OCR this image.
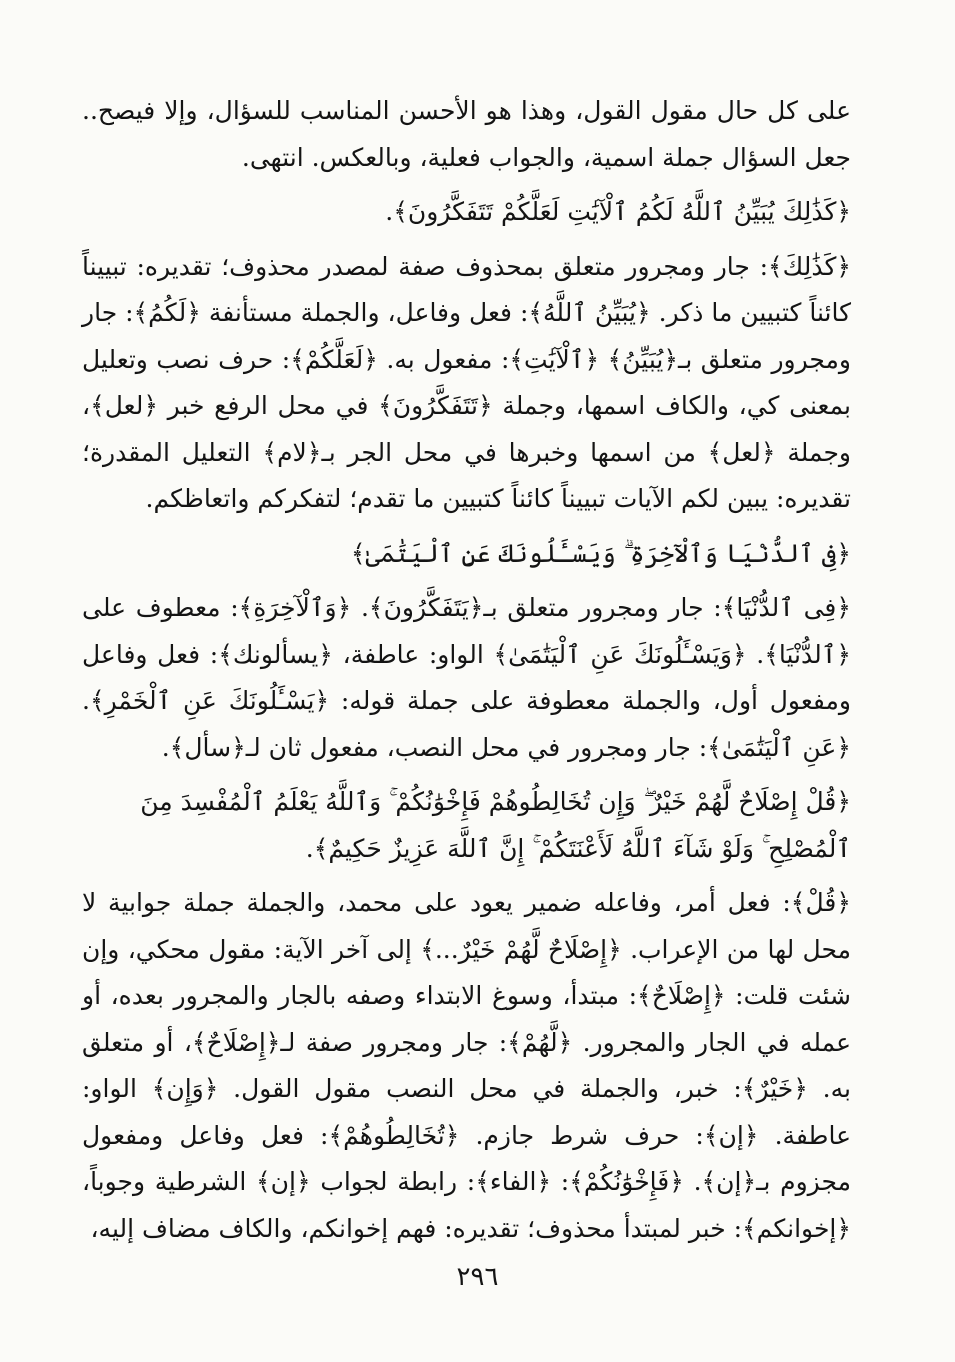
على كل حال مقول القول، وهذا هو الأحسن المناسب للسؤال، وإلا فيصح.. جعل السؤال جملة اسمية، والجواب فعلية، وبالعكس. انتهى.

﴿كَذَٰلِكَ يُبَيِّنُ ٱللَّهُ لَكُمُ ٱلْآيَٰتِ لَعَلَّكُمْ تَتَفَكَّرُونَ﴾.

﴿كَذَٰلِكَ﴾: جار ومجرور متعلق بمحذوف صفة لمصدر محذوف؛ تقديره: تبييناً كائناً كتبيين ما ذكر. ﴿يُبَيِّنُ ٱللَّهُ﴾: فعل وفاعل، والجملة مستأنفة ﴿لَكُمُ﴾: جار ومجرور متعلق بـ﴿يُبَيِّنُ﴾ ﴿ٱلْآيَٰتِ﴾: مفعول به. ﴿لَعَلَّكُمْ﴾: حرف نصب وتعليل بمعنى كي، والكاف اسمها، وجملة ﴿تَتَفَكَّرُونَ﴾ في محل الرفع خبر ﴿لعل﴾، وجملة ﴿لعل﴾ من اسمها وخبرها في محل الجر بـ﴿لام﴾ التعليل المقدرة؛ تقديره: يبين لكم الآيات تبييناً كائناً كتبيين ما تقدم؛ لتفكركم واتعاظكم.

﴿فِى ٱلدُّنْيَا وَٱلْآخِرَةِ ۗ وَيَسْـَٔلُونَكَ عَنِ ٱلْيَتَٰمَىٰ﴾

﴿فِى ٱلدُّنْيَا﴾: جار ومجرور متعلق بـ﴿يَتَفَكَّرُونَ﴾. ﴿وَٱلْآخِرَةِ﴾: معطوف على ﴿ٱلدُّنْيَا﴾. ﴿وَيَسْـَٔلُونَكَ عَنِ ٱلْيَتَٰمَىٰ﴾ الواو: عاطفة، ﴿يسألونك﴾: فعل وفاعل ومفعول أول، والجملة معطوفة على جملة قوله: ﴿يَسْـَٔلُونَكَ عَنِ ٱلْخَمْرِ﴾. ﴿عَنِ ٱلْيَتَٰمَىٰ﴾: جار ومجرور في محل النصب، مفعول ثان لـ﴿سأل﴾.

﴿قُلْ إِصْلَاحٌ لَّهُمْ خَيْرٌ ۖ وَإِن تُخَالِطُوهُمْ فَإِخْوَٰنُكُمْ ۚ وَٱللَّهُ يَعْلَمُ ٱلْمُفْسِدَ مِنَ ٱلْمُصْلِحِ ۚ وَلَوْ شَآءَ ٱللَّهُ لَأَعْنَتَكُمْ ۚ إِنَّ ٱللَّهَ عَزِيزٌ حَكِيمٌ﴾.

﴿قُلْ﴾: فعل أمر، وفاعله ضمير يعود على محمد، والجملة جملة جوابية لا محل لها من الإعراب. ﴿إِصْلَاحٌ لَّهُمْ خَيْرٌ...﴾ إلى آخر الآية: مقول محكي، وإن شئت قلت: ﴿إِصْلَاحٌ﴾: مبتدأ، وسوغ الابتداء وصفه بالجار والمجرور بعده، أو عمله في الجار والمجرور. ﴿لَّهُمْ﴾: جار ومجرور صفة لـ﴿إِصْلَاحٌ﴾، أو متعلق به. ﴿خَيْرٌ﴾: خبر، والجملة في محل النصب مقول القول. ﴿وَإِن﴾ الواو: عاطفة. ﴿إن﴾: حرف شرط جازم. ﴿تُخَالِطُوهُمْ﴾: فعل وفاعل ومفعول مجزوم بـ﴿إن﴾. ﴿فَإِخْوَٰنُكُمْ﴾: ﴿الفاء﴾: رابطة لجواب ﴿إن﴾ الشرطية وجوباً، ﴿إخوانكم﴾: خبر لمبتدأ محذوف؛ تقديره: فهم إخوانكم، والكاف مضاف إليه،

٢٩٦
